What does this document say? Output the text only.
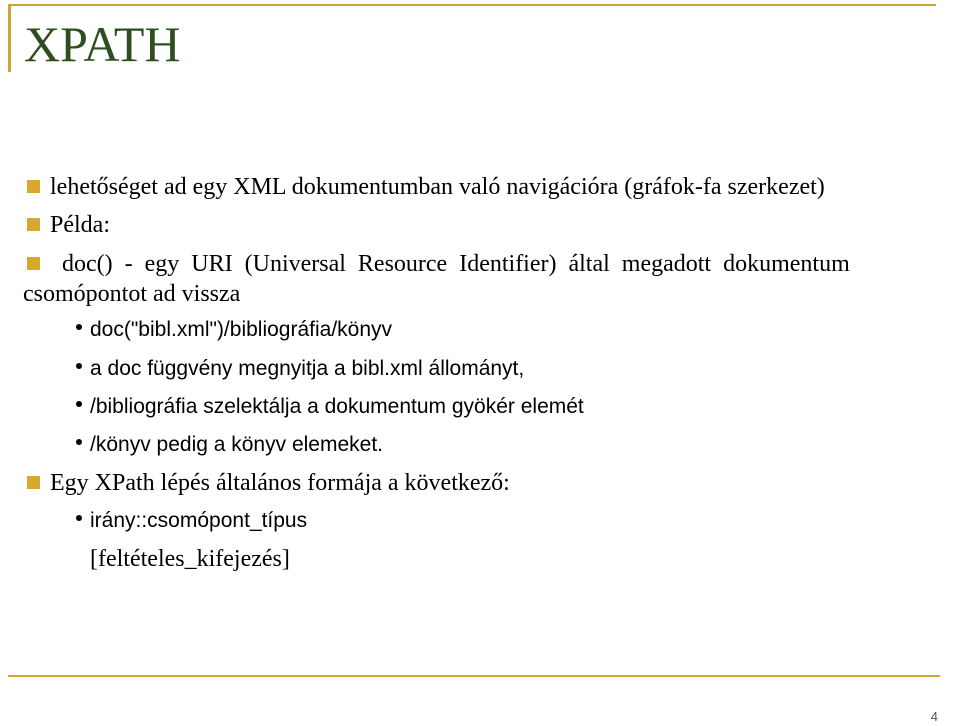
XPATH
lehetőséget ad egy XML dokumentumban való navigációra (gráfok-fa szerkezet)
Példa:
doc()  -  egy  URI  (Universal  Resource  Identifier)  által  megadott  dokumentum
csomópontot ad vissza
doc("bibl.xml")/bibliográfia/könyv
a doc függvény megnyitja a bibl.xml állományt,
/bibliográfia szelektálja a dokumentum gyökér elemét
/könyv pedig a könyv elemeket.
Egy XPath lépés általános formája a következő:
irány::csomópont_típus
[feltételes_kifejezés]
4
